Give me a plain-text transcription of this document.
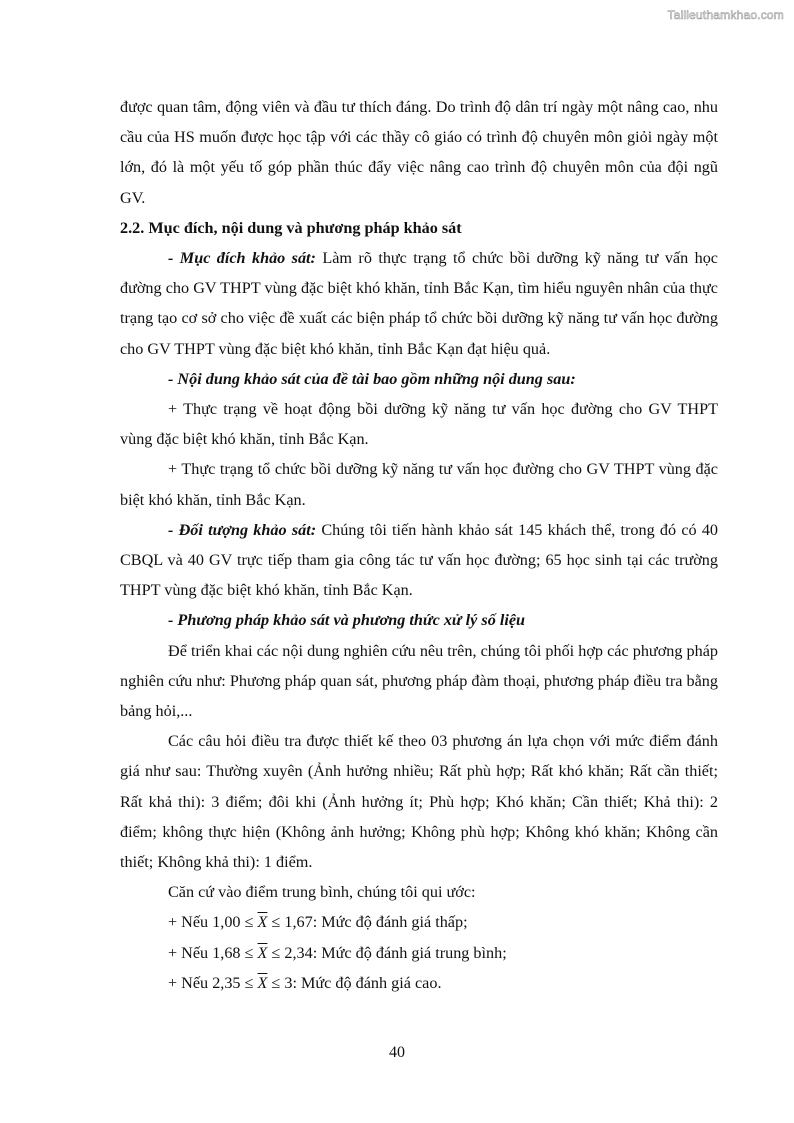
Tailieuthamkhao.com

được quan tâm, động viên và đầu tư thích đáng. Do trình độ dân trí ngày một nâng cao, nhu cầu của HS muốn được học tập với các thầy cô giáo có trình độ chuyên môn giỏi ngày một lớn, đó là một yếu tố góp phần thúc đẩy việc nâng cao trình độ chuyên môn của đội ngũ GV.

2.2. Mục đích, nội dung và phương pháp khảo sát

- Mục đích khảo sát: Làm rõ thực trạng tổ chức bồi dưỡng kỹ năng tư vấn học đường cho GV THPT vùng đặc biệt khó khăn, tỉnh Bắc Kạn, tìm hiểu nguyên nhân của thực trạng tạo cơ sở cho việc đề xuất các biện pháp tổ chức bồi dưỡng kỹ năng tư vấn học đường cho GV THPT vùng đặc biệt khó khăn, tỉnh Bắc Kạn đạt hiệu quả.

- Nội dung khảo sát của đề tài bao gồm những nội dung sau:

+ Thực trạng về hoạt động bồi dưỡng kỹ năng tư vấn học đường cho GV THPT vùng đặc biệt khó khăn, tỉnh Bắc Kạn.

+ Thực trạng tổ chức bồi dưỡng kỹ năng tư vấn học đường cho GV THPT vùng đặc biệt khó khăn, tỉnh Bắc Kạn.

- Đối tượng khảo sát: Chúng tôi tiến hành khảo sát 145 khách thể, trong đó có 40 CBQL và 40 GV trực tiếp tham gia công tác tư vấn học đường; 65 học sinh tại các trường THPT vùng đặc biệt khó khăn, tỉnh Bắc Kạn.

- Phương pháp khảo sát và phương thức xử lý số liệu

Để triển khai các nội dung nghiên cứu nêu trên, chúng tôi phối hợp các phương pháp nghiên cứu như: Phương pháp quan sát, phương pháp đàm thoại, phương pháp điều tra bằng bảng hỏi,...

Các câu hỏi điều tra được thiết kế theo 03 phương án lựa chọn với mức điểm đánh giá như sau: Thường xuyên (Ảnh hưởng nhiều; Rất phù hợp; Rất khó khăn; Rất cần thiết; Rất khả thi): 3 điểm; đôi khi (Ảnh hưởng ít; Phù hợp; Khó khăn; Cần thiết; Khả thi): 2 điểm; không thực hiện (Không ảnh hưởng; Không phù hợp; Không khó khăn; Không cần thiết; Không khả thi): 1 điểm.

Căn cứ vào điểm trung bình, chúng tôi qui ước:

+ Nếu $1,00 \le \overline{X} \le 1,67$: Mức độ đánh giá thấp;

+ Nếu $1,68 \le \overline{X} \le 2,34$: Mức độ đánh giá trung bình;

+ Nếu $2,35 \le \overline{X} \le 3$: Mức độ đánh giá cao.

40
